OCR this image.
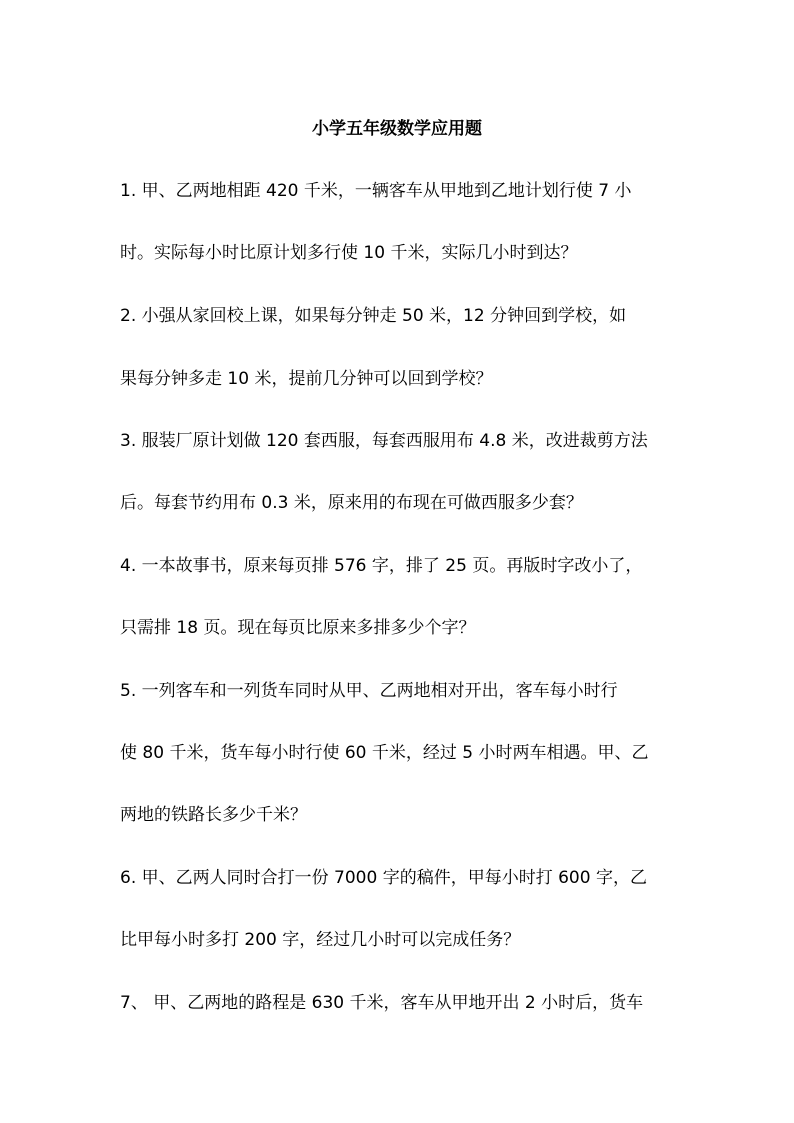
小学五年级数学应用题
1. 甲、乙两地相距 420 千米，一辆客车从甲地到乙地计划行使 7 小
时。实际每小时比原计划多行使 10 千米，实际几小时到达？
2. 小强从家回校上课，如果每分钟走 50 米，12 分钟回到学校，如
果每分钟多走 10 米，提前几分钟可以回到学校？
3. 服装厂原计划做 120 套西服，每套西服用布 4.8 米，改进裁剪方法
后。每套节约用布 0.3 米，原来用的布现在可做西服多少套？
4. 一本故事书，原来每页排 576 字，排了 25 页。再版时字改小了，
只需排 18 页。现在每页比原来多排多少个字？
5. 一列客车和一列货车同时从甲、乙两地相对开出，客车每小时行
使 80 千米，货车每小时行使 60 千米，经过 5 小时两车相遇。甲、乙
两地的铁路长多少千米？
6. 甲、乙两人同时合打一份 7000 字的稿件，甲每小时打 600 字，乙
比甲每小时多打 200 字，经过几小时可以完成任务？
7、 甲、乙两地的路程是 630 千米，客车从甲地开出 2 小时后，货车
